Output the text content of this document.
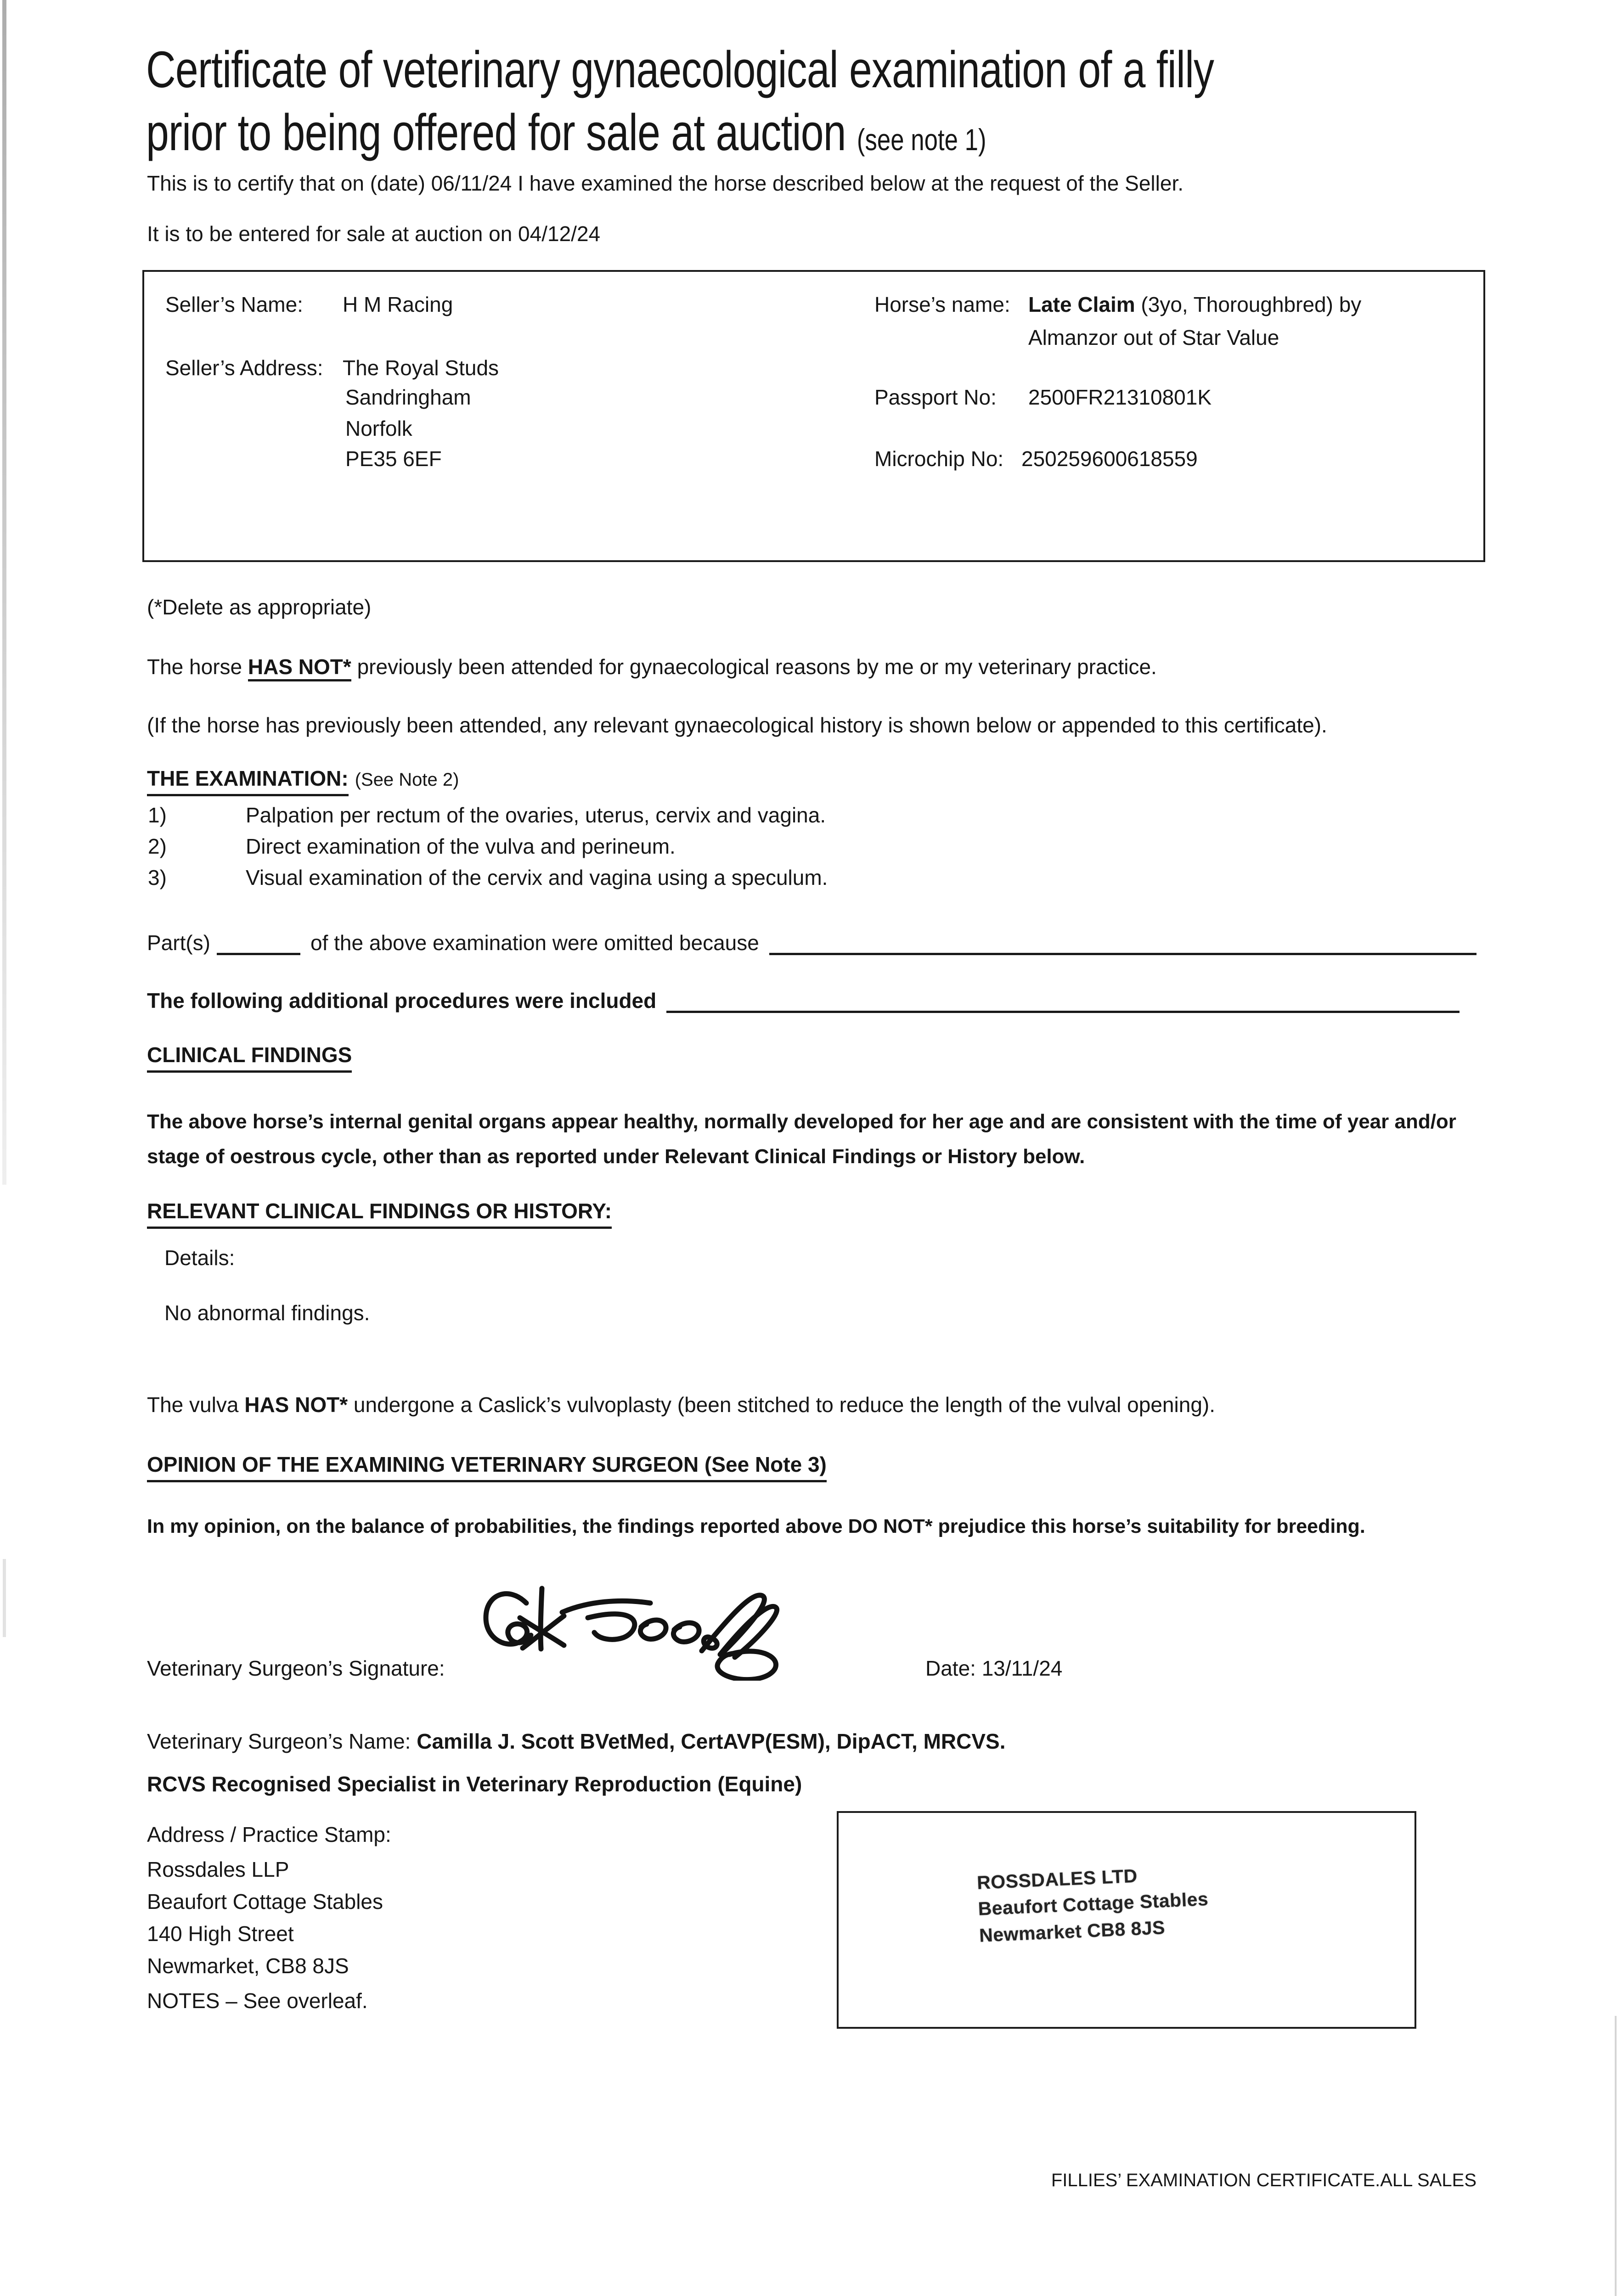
Certificate of veterinary gynaecological examination of a filly
prior to being offered for sale at auction (see note 1)
This is to certify that on (date) 06/11/24 I have examined the horse described below at the request of the Seller.
It is to be entered for sale at auction on 04/12/24
Seller’s Name: H M Racing	Horse’s name: Late Claim (3yo, Thoroughbred) by
Almanzor out of Star Value
Seller’s Address: The Royal Studs
Sandringham
Norfolk
PE35 6EF
Passport No: 2500FR21310801K
Microchip No: 250259600618559
(*Delete as appropriate)
The horse HAS NOT* previously been attended for gynaecological reasons by me or my veterinary practice.
(If the horse has previously been attended, any relevant gynaecological history is shown below or appended to this certificate).
THE EXAMINATION: (See Note 2)
1)	Palpation per rectum of the ovaries, uterus, cervix and vagina.
2)	Direct examination of the vulva and perineum.
3)	Visual examination of the cervix and vagina using a speculum.
Part(s)	of the above examination were omitted because
The following additional procedures were included
CLINICAL FINDINGS
The above horse’s internal genital organs appear healthy, normally developed for her age and are consistent with the time of year and/or stage of oestrous cycle, other than as reported under Relevant Clinical Findings or History below.
RELEVANT CLINICAL FINDINGS OR HISTORY:
Details:
No abnormal findings.
The vulva HAS NOT* undergone a Caslick’s vulvoplasty (been stitched to reduce the length of the vulval opening).
OPINION OF THE EXAMINING VETERINARY SURGEON (See Note 3)
In my opinion, on the balance of probabilities, the findings reported above DO NOT* prejudice this horse’s suitability for breeding.
Veterinary Surgeon’s Signature:	Date: 13/11/24
Veterinary Surgeon’s Name: Camilla J. Scott BVetMed, CertAVP(ESM), DipACT, MRCVS.
RCVS Recognised Specialist in Veterinary Reproduction (Equine)
Address / Practice Stamp:
Rossdales LLP
Beaufort Cottage Stables
140 High Street
Newmarket, CB8 8JS
NOTES – See overleaf.
ROSSDALES LTD
Beaufort Cottage Stables
Newmarket CB8 8JS
FILLIES’ EXAMINATION CERTIFICATE.ALL SALES
